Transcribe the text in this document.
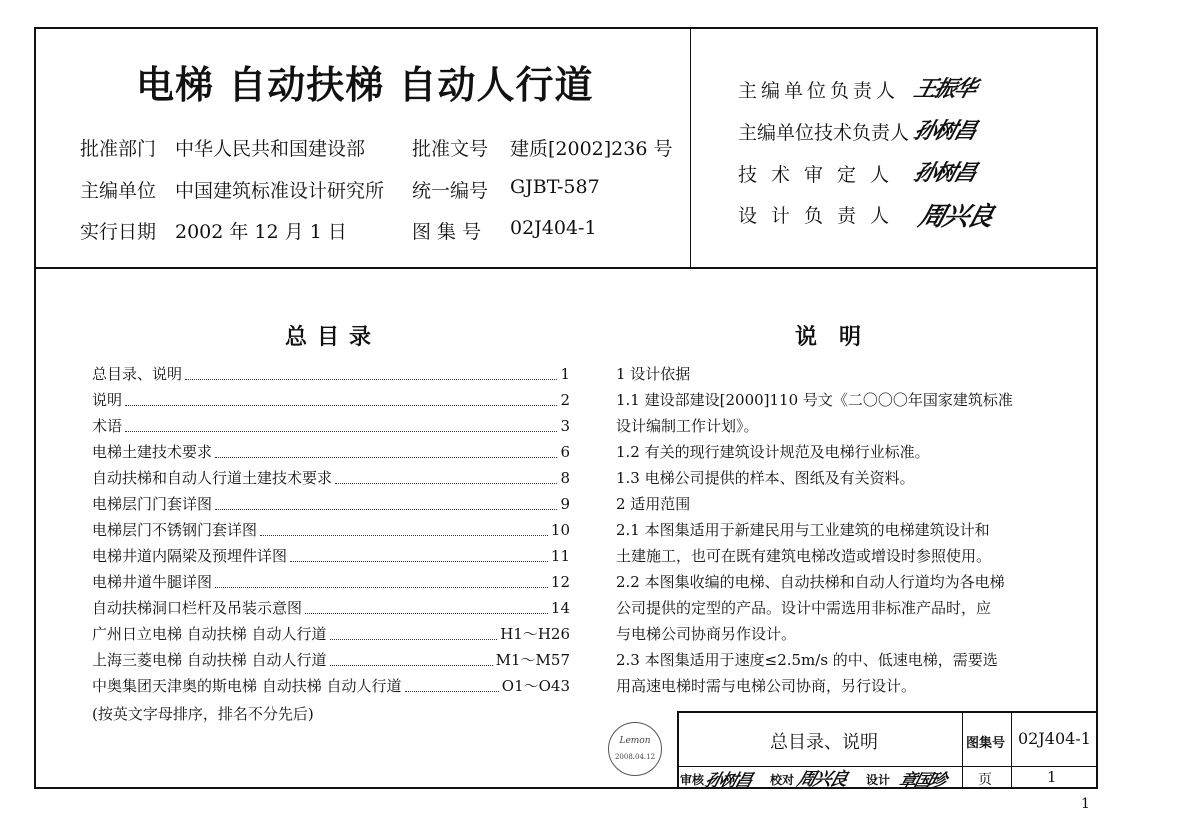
电梯 自动扶梯 自动人行道
批准部门 中华人民共和国建设部 批准文号 建质[2002]236 号
主编单位 中国建筑标准设计研究所 统一编号 GJBT-587
实行日期 2002 年 12 月 1 日	图 集 号 02J404-1
主编单位负责人 王振华
主编单位技术负责人 孙树昌
技术审定人 孙树昌
设计负责人 周兴良
总目录	说明
总目录、说明	1
说明	2
术语	3
电梯土建技术要求	6
自动扶梯和自动人行道土建技术要求	8
电梯层门门套详图	9
电梯层门不锈钢门套详图	10
电梯井道内隔梁及预埋件详图	11
电梯井道牛腿详图	12
自动扶梯洞口栏杆及吊装示意图	14
广州日立电梯 自动扶梯 自动人行道	H1～H26
上海三菱电梯 自动扶梯 自动人行道	M1～M57
中奥集团天津奥的斯电梯 自动扶梯 自动人行道	O1～O43
(按英文字母排序，排名不分先后)
1 设计依据
1.1 建设部建设[2000]110 号文《二〇〇〇年国家建筑标准
设计编制工作计划》。
1.2 有关的现行建筑设计规范及电梯行业标准。
1.3 电梯公司提供的样本、图纸及有关资料。
2 适用范围
2.1 本图集适用于新建民用与工业建筑的电梯建筑设计和
土建施工，也可在既有建筑电梯改造或增设时参照使用。
2.2 本图集收编的电梯、自动扶梯和自动人行道均为各电梯
公司提供的定型的产品。设计中需选用非标准产品时，应
与电梯公司协商另作设计。
2.3 本图集适用于速度≤2.5m/s 的中、低速电梯，需要选
用高速电梯时需与电梯公司协商，另行设计。
Lemon
2008.04.12
总目录、说明	图集号 02J404-1
审核
孙树昌 校对 周兴良 设计 章国珍 页	1
1
